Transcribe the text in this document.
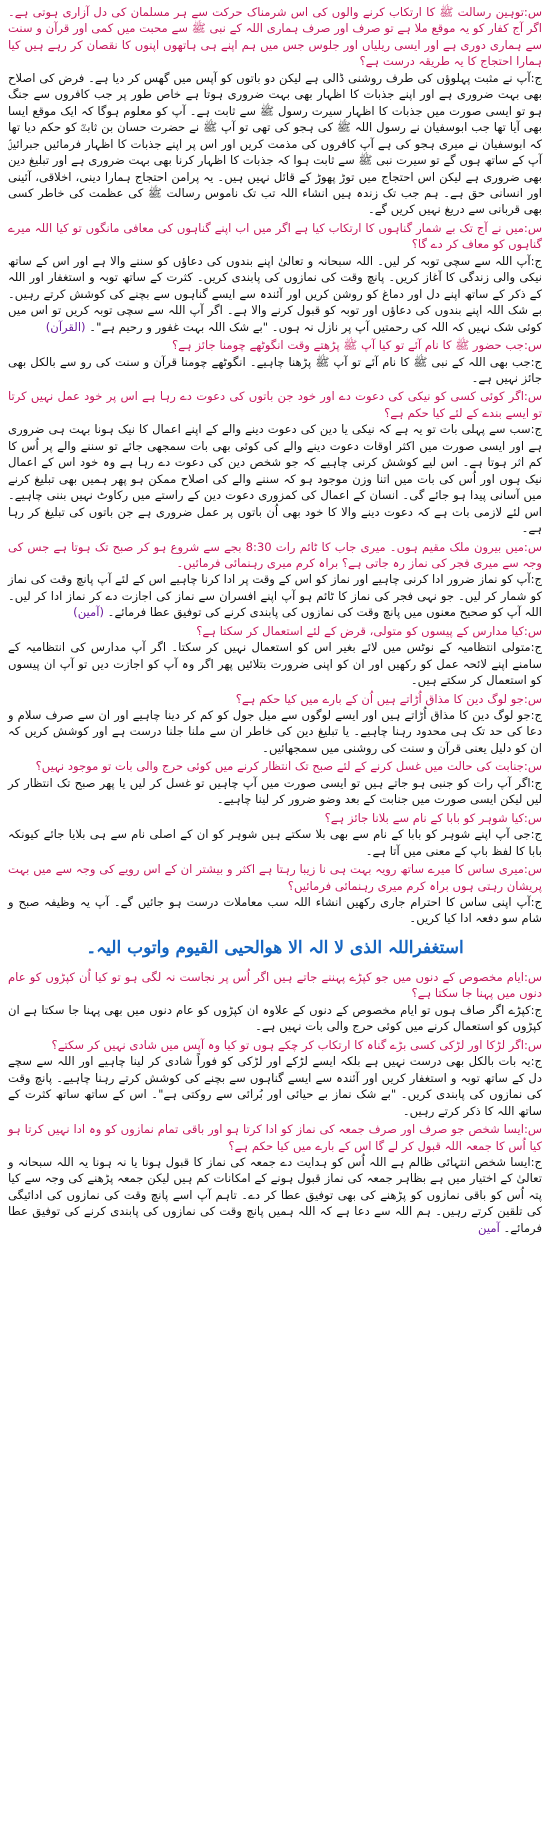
س:توہین رسالت ﷺ کا ارتکاب کرنے والوں کی اس شرمناک حرکت سے ہر مسلمان کی دل آزاری ہوتی ہے۔ اگر آج کفار کو یہ موقع ملا ہے تو صرف اور صرف ہماری اللہ کے نبی ﷺ سے محبت میں کمی اور قرآن و سنت سے ہماری دوری ہے اور ایسی ریلیاں اور جلوس جس میں ہم اپنے ہی ہاتھوں اپنوں کا نقصان کر رہے ہیں کیا ہمارا احتجاج کا یہ طریقہ درست ہے؟

ج:آپ نے مثبت پہلوؤں کی طرف روشنی ڈالی ہے لیکن دو باتوں کو آپس میں گھس کر دیا ہے۔ فرض کی اصلاح بھی بہت ضروری ہے اور اپنے جذبات کا اظہار بھی بہت ضروری ہوتا ہے خاص طور پر جب کافروں سے جنگ ہو تو ایسی صورت میں جذبات کا اظہار سیرت رسول ﷺ سے ثابت ہے۔ آپ کو معلوم ہوگا کہ ایک موقع ایسا بھی آیا تھا جب ابوسفیان نے رسول اللہ ﷺ کی ہجو کی تھی تو آپ ﷺ نے حضرت حسان بن ثابتؓ کو حکم دیا تھا کہ ابوسفیان نے میری ہجو کی ہے آپ کافروں کی مذمت کریں اور اس پر اپنے جذبات کا اظہار فرمائیں جبرائیلؑ آپ کے ساتھ ہوں گے تو سیرت نبی ﷺ سے ثابت ہوا کہ جذبات کا اظہار کرنا بھی بہت ضروری ہے اور تبلیغ دین بھی ضروری ہے لیکن اس احتجاج میں توڑ پھوڑ کے قائل نہیں ہیں۔ یہ پرامن احتجاج ہمارا دینی، اخلاقی، آئینی اور انسانی حق ہے۔ ہم جب تک زندہ ہیں انشاء اللہ تب تک ناموس رسالت ﷺ کی عظمت کی خاطر کسی بھی قربانی سے دریغ نہیں کریں گے۔

س:میں نے آج تک بے شمار گناہوں کا ارتکاب کیا ہے اگر میں اب اپنے گناہوں کی معافی مانگوں تو کیا اللہ میرے گناہوں کو معاف کر دے گا؟

ج:آپ اللہ سے سچی توبہ کر لیں۔ اللہ سبحانہ و تعالیٰ اپنے بندوں کی دعاؤں کو سننے والا ہے اور اس کے ساتھ نیکی والی زندگی کا آغاز کریں۔ پانچ وقت کی نمازوں کی پابندی کریں۔ کثرت کے ساتھ توبہ و استغفار اور اللہ کے ذکر کے ساتھ اپنے دل اور دماغ کو روشن کریں اور آئندہ سے ایسے گناہوں سے بچنے کی کوشش کرتے رہیں۔ بے شک اللہ اپنے بندوں کی دعاؤں اور توبہ کو قبول کرنے والا ہے۔ اگر آپ اللہ سے سچی توبہ کریں تو اس میں کوئی شک نہیں کہ اللہ کی رحمتیں آپ پر نازل نہ ہوں۔ "بے شک اللہ بہت غفور و رحیم ہے"۔ (القرآن)

س:جب حضور ﷺ کا نام آئے تو کیا آپ ﷺ پڑھتے وقت انگوٹھے چومنا جائز ہے؟

ج:جب بھی اللہ کے نبی ﷺ کا نام آئے تو آپ ﷺ پڑھنا چاہیے۔ انگوٹھے چومنا قرآن و سنت کی رو سے بالکل بھی جائز نہیں ہے۔

س:اگر کوئی کسی کو نیکی کی دعوت دے اور خود جن باتوں کی دعوت دے رہا ہے اس پر خود عمل نہیں کرتا تو ایسے بندے کے لئے کیا حکم ہے؟

ج:سب سے پہلی بات تو یہ ہے کہ نیکی یا دین کی دعوت دینے والے کے اپنے اعمال کا نیک ہونا بہت ہی ضروری ہے اور ایسی صورت میں اکثر اوقات دعوت دینے والے کی کوئی بھی بات سمجھی جائے تو سننے والے پر اُس کا کم اثر ہوتا ہے۔ اس لیے کوشش کرنی چاہیے کہ جو شخص دین کی دعوت دے رہا ہے وہ خود اس کے اعمال نیک ہوں اور اُس کی بات میں اتنا وزن موجود ہو کہ سننے والے کی اصلاح ممکن ہو پھر ہمیں بھی تبلیغ کرنے میں آسانی پیدا ہو جائے گی۔ انسان کے اعمال کی کمزوری دعوت دین کے راستے میں رکاوٹ نہیں بننی چاہیے۔ اس لئے لازمی بات ہے کہ دعوت دینے والا کا خود بھی اُن باتوں پر عمل ضروری ہے جن باتوں کی تبلیغ کر رہا ہے۔

س:میں بیرون ملک مقیم ہوں۔ میری جاب کا ٹائم رات 8:30 بجے سے شروع ہو کر صبح تک ہوتا ہے جس کی وجہ سے میری فجر کی نماز رہ جاتی ہے؟ براہ کرم میری رہنمائی فرمائیں۔

ج:آپ کو نماز ضرور ادا کرنی چاہیے اور نماز کو اس کے وقت پر ادا کرنا چاہیے اس کے لئے آپ پانچ وقت کی نماز کو شمار کر لیں۔ جو نہی فجر کی نماز کا ٹائم ہو آپ اپنے افسران سے نماز کی اجازت دے کر نماز ادا کر لیں۔ اللہ آپ کو صحیح معنوں میں پانچ وقت کی نمازوں کی پابندی کرنے کی توفیق عطا فرمائے۔ (آمین)

س:کیا مدارس کے پیسوں کو متولی، قرض کے لئے استعمال کر سکتا ہے؟

ج:متولی انتظامیہ کے نوٹس میں لائے بغیر اس کو استعمال نہیں کر سکتا۔ اگر آپ مدارس کی انتظامیہ کے سامنے اپنے لائحہ عمل کو رکھیں اور ان کو اپنی ضرورت بتلائیں پھر اگر وہ آپ کو اجازت دیں تو آپ ان پیسوں کو استعمال کر سکتے ہیں۔

س:جو لوگ دین کا مذاق اُڑاتے ہیں اُن کے بارے میں کیا حکم ہے؟

ج:جو لوگ دین کا مذاق اُڑاتے ہیں اور ایسے لوگوں سے میل جول کو کم کر دینا چاہیے اور ان سے صرف سلام و دعا کی حد تک ہی محدود رہنا چاہیے۔ یا تبلیغ دین کی خاطر ان سے ملنا جلنا درست ہے اور کوشش کریں کہ ان کو دلیل یعنی قرآن و سنت کی روشنی میں سمجھائیں۔

س:جنابت کی حالت میں غسل کرنے کے لئے صبح تک انتظار کرنے میں کوئی حرج والی بات تو موجود نہیں؟

ج:اگر آپ رات کو جنبی ہو جاتے ہیں تو ایسی صورت میں آپ چاہیں تو غسل کر لیں یا پھر صبح تک انتظار کر لیں لیکن ایسی صورت میں جنابت کے بعد وضو ضرور کر لینا چاہیے۔

س:کیا شوہر کو بابا کے نام سے بلانا جائز ہے؟

ج:جی آپ اپنے شوہر کو بابا کے نام سے بھی بلا سکتے ہیں شوہر کو ان کے اصلی نام سے ہی بلایا جائے کیونکہ بابا کا لفظ باپ کے معنی میں آتا ہے۔

س:میری ساس کا میرے ساتھ رویہ بہت ہی نا زیبا رہتا ہے اکثر و بیشتر ان کے اس رویے کی وجہ سے میں بہت پریشان رہتی ہوں براہ کرم میری رہنمائی فرمائیں؟

ج:آپ اپنی ساس کا احترام جاری رکھیں انشاء اللہ سب معاملات درست ہو جائیں گے۔ آپ یہ وظیفہ صبح و شام سو دفعہ ادا کیا کریں۔

استغفراللہ الذی لا الہ الا ھوالحیی القیوم واتوب الیہ۔

س:ایام مخصوص کے دنوں میں جو کپڑے پہننے جاتے ہیں اگر اُس پر نجاست نہ لگی ہو تو کیا اُن کپڑوں کو عام دنوں میں پہنا جا سکتا ہے؟

ج:کپڑے اگر صاف ہوں تو ایام مخصوص کے دنوں کے علاوہ ان کپڑوں کو عام دنوں میں بھی پہنا جا سکتا ہے ان کپڑوں کو استعمال کرنے میں کوئی حرج والی بات نہیں ہے۔

س:اگر لڑکا اور لڑکی کسی بڑے گناہ کا ارتکاب کر چکے ہوں تو کیا وہ آپس میں شادی نہیں کر سکتے؟

ج:یہ بات بالکل بھی درست نہیں ہے بلکہ ایسے لڑکے اور لڑکی کو فوراً شادی کر لینا چاہیے اور اللہ سے سچے دل کے ساتھ توبہ و استغفار کریں اور آئندہ سے ایسے گناہوں سے بچنے کی کوشش کرتے رہنا چاہیے۔ پانچ وقت کی نمازوں کی پابندی کریں۔ "بے شک نماز بے حیائی اور بُرائی سے روکتی ہے"۔ اس کے ساتھ ساتھ کثرت کے ساتھ اللہ کا ذکر کرتے رہیں۔

س:ایسا شخص جو صرف اور صرف جمعہ کی نماز کو ادا کرتا ہو اور باقی تمام نمازوں کو وہ ادا نہیں کرتا ہو کیا اُس کا جمعہ اللہ قبول کر لے گا اس کے بارے میں کیا حکم ہے؟

ج:ایسا شخص انتہائی ظالم ہے اللہ اُس کو ہدایت دے جمعہ کی نماز کا قبول ہونا یا نہ ہونا یہ اللہ سبحانہ و تعالیٰ کے اختیار میں ہے بظاہر جمعہ کی نماز قبول ہونے کے امکانات کم ہیں لیکن جمعہ پڑھنے کی وجہ سے کیا پتہ اُس کو باقی نمازوں کو پڑھنے کی بھی توفیق عطا کر دے۔ تاہم آپ اسے پانچ وقت کی نمازوں کی ادائیگی کی تلقین کرتے رہیں۔ ہم اللہ سے دعا ہے کہ اللہ ہمیں پانچ وقت کی نمازوں کی پابندی کرنے کی توفیق عطا فرمائے۔ آمین
